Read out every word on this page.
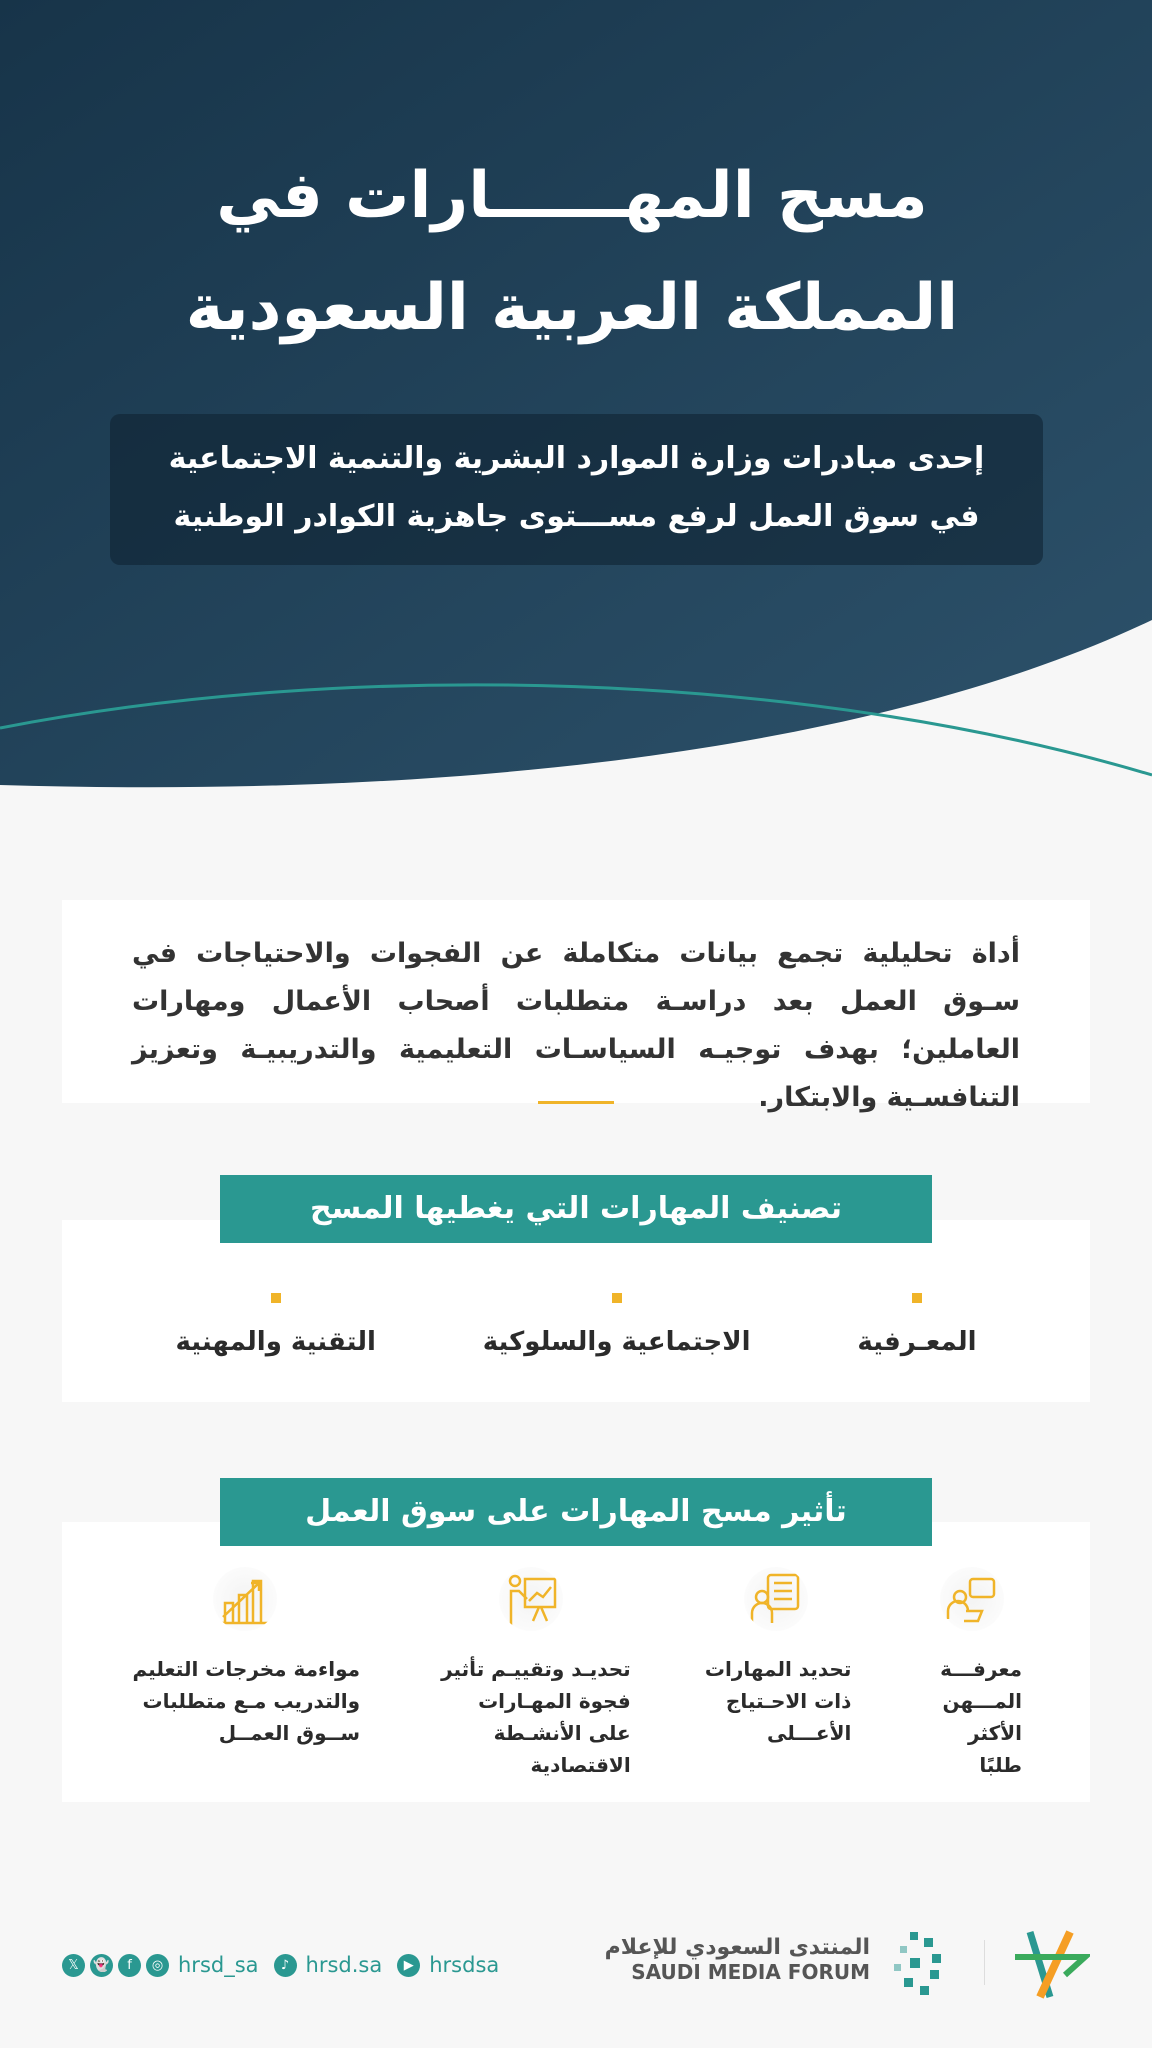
مسح المهــــــارات في
المملكة العربية السعودية
إحدى مبادرات وزارة الموارد البشرية والتنمية الاجتماعية
في سوق العمل لرفع مســـتوى جاهزية الكوادر الوطنية

أداة تحليلية تجمع بيانات متكاملة عن الفجوات والاحتياجات في سـوق العمل بعد دراسـة متطلبات أصحاب الأعمال ومهارات العاملين؛ بهدف توجيـه السياسـات التعليمية والتدريبيـة وتعزيز التنافسـية والابتكار.

تصنيف المهارات التي يغطيها المسح
المعـرفية
الاجتماعية والسلوكية
التقنية والمهنية
تأثير مسح المهارات على سوق العمل
معرفـــة المـــهن الأكثر طلبًا
تحديد المهارات ذات الاحـتياج الأعـــلى
تحديـد وتقييـم تأثير فجوة المهـارات على الأنشـطة الاقتصادية
مواءمة مخرجات التعليم والتدريب مـع متطلبات ســوق العمــل
𝕏	👻	f	◎ hrsd_sa	♪ hrsd.sa	▶ hrsdsa
المنتدى السعودي للإعلام
SAUDI MEDIA FORUM
